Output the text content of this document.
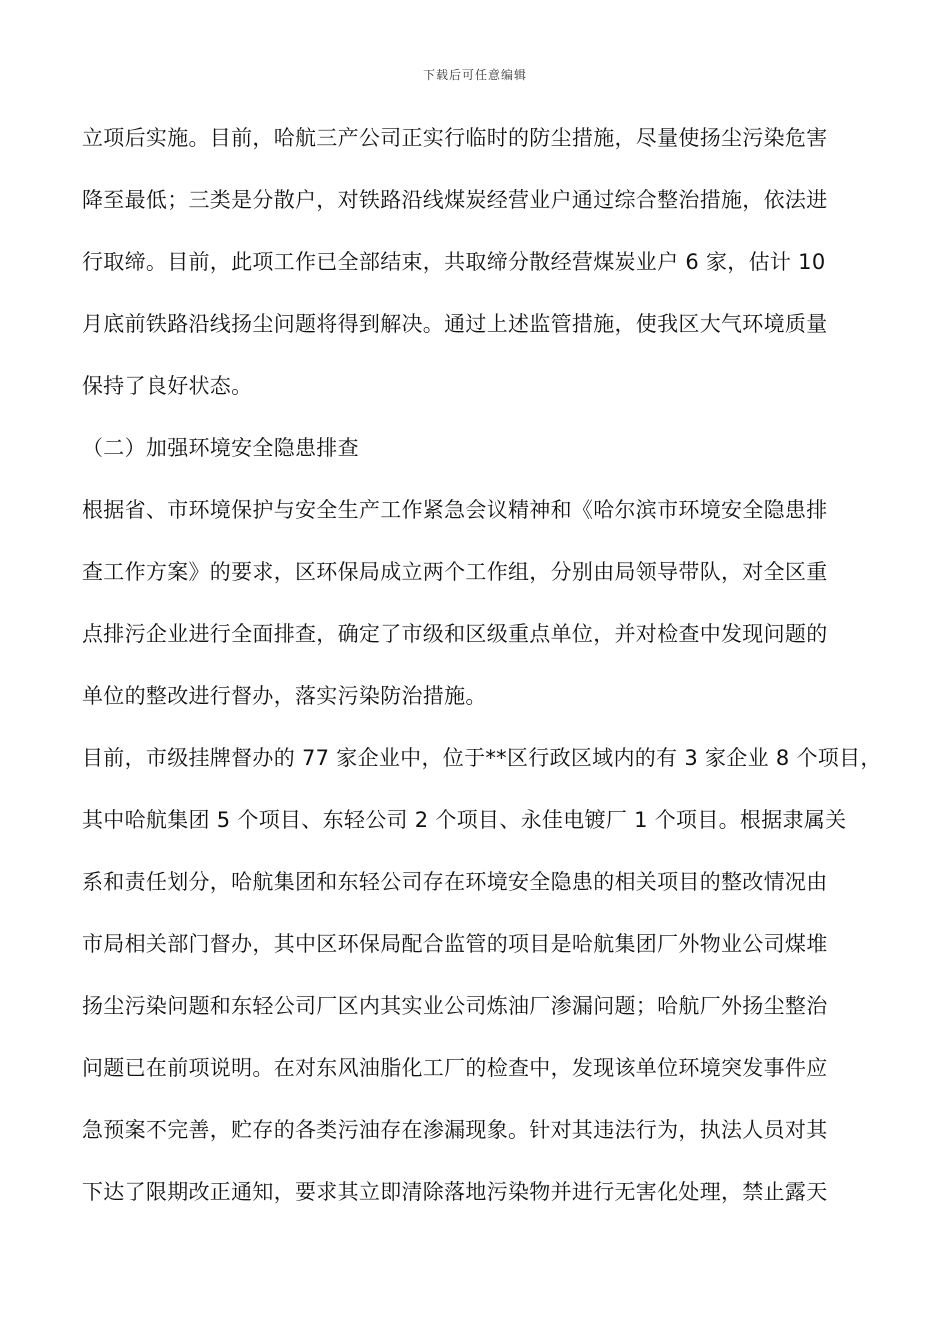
下载后可任意编辑
立项后实施。目前，哈航三产公司正实行临时的防尘措施，尽量使扬尘污染危害
降至最低；三类是分散户，对铁路沿线煤炭经营业户通过综合整治措施，依法进
行取缔。目前，此项工作已全部结束，共取缔分散经营煤炭业户 6 家，估计 10
月底前铁路沿线扬尘问题将得到解决。通过上述监管措施，使我区大气环境质量
保持了良好状态。
（二）加强环境安全隐患排查
根据省、市环境保护与安全生产工作紧急会议精神和《哈尔滨市环境安全隐患排
查工作方案》的要求，区环保局成立两个工作组，分别由局领导带队，对全区重
点排污企业进行全面排查，确定了市级和区级重点单位，并对检查中发现问题的
单位的整改进行督办，落实污染防治措施。
目前，市级挂牌督办的 77 家企业中，位于**区行政区域内的有 3 家企业 8 个项目，
其中哈航集团 5 个项目、东轻公司 2 个项目、永佳电镀厂 1 个项目。根据隶属关
系和责任划分，哈航集团和东轻公司存在环境安全隐患的相关项目的整改情况由
市局相关部门督办，其中区环保局配合监管的项目是哈航集团厂外物业公司煤堆
扬尘污染问题和东轻公司厂区内其实业公司炼油厂渗漏问题；哈航厂外扬尘整治
问题已在前项说明。在对东风油脂化工厂的检查中，发现该单位环境突发事件应
急预案不完善，贮存的各类污油存在渗漏现象。针对其违法行为，执法人员对其
下达了限期改正通知，要求其立即清除落地污染物并进行无害化处理，禁止露天
